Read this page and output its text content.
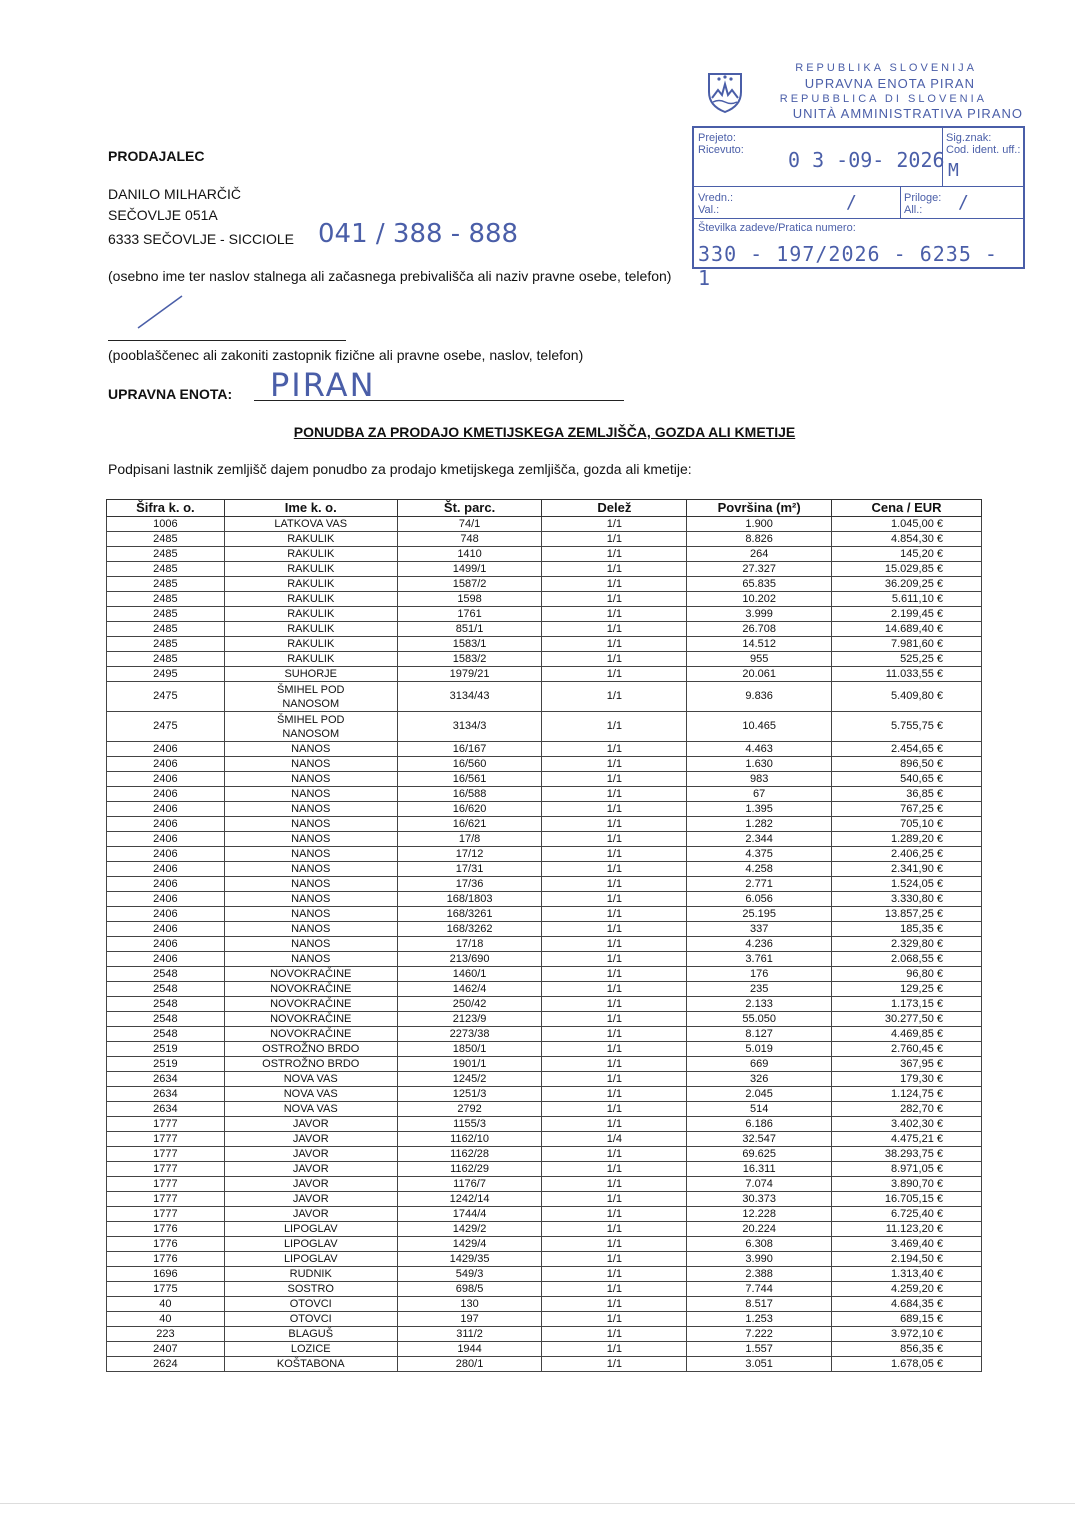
REPUBLIKA SLOVENIJA
UPRAVNA ENOTA PIRAN
REPUBBLICA DI SLOVENIA
UNITÀ AMMINISTRATIVA PIRANO
Prejeto:
Ricevuto: 0 3 -09- 2026
Sig.znak:
Cod. ident. uff.:
M
Vredn.:
Val.:	/	Priloge:
All.: /
Številka zadeve/Pratica numero:
330 - 197/2026 - 6235 - 1
PRODAJALEC
DANILO MILHARČIČ
SEČOVLJE 051A
6333 SEČOVLJE - SICCIOLE 041 / 388 - 888
(osebno ime ter naslov stalnega ali začasnega prebivališča ali naziv pravne osebe, telefon)
(pooblaščenec ali zakoniti zastopnik fizične ali pravne osebe, naslov, telefon)
UPRAVNA ENOTA: PIRAN
PONUDBA ZA PRODAJO KMETIJSKEGA ZEMLJIŠČA, GOZDA ALI KMETIJE
Podpisani lastnik zemljišč dajem ponudbo za prodajo kmetijskega zemljišča, gozda ali kmetije:
Šifra k. o.	Ime k. o.	Št. parc.	Delež	Površina (m²)	Cena / EUR
1006	LATKOVA VAS	74/1	1/1	1.900	1.045,00 €
2485	RAKULIK	748	1/1	8.826	4.854,30 €
2485	RAKULIK	1410	1/1	264	145,20 €
2485	RAKULIK	1499/1	1/1	27.327	15.029,85 €
2485	RAKULIK	1587/2	1/1	65.835	36.209,25 €
2485	RAKULIK	1598	1/1	10.202	5.611,10 €
2485	RAKULIK	1761	1/1	3.999	2.199,45 €
2485	RAKULIK	851/1	1/1	26.708	14.689,40 €
2485	RAKULIK	1583/1	1/1	14.512	7.981,60 €
2485	RAKULIK	1583/2	1/1	955	525,25 €
2495	SUHORJE	1979/21	1/1	20.061	11.033,55 €
2475	ŠMIHEL POD
NANOSOM	3134/43	1/1	9.836	5.409,80 €
2475	ŠMIHEL POD
NANOSOM	3134/3	1/1	10.465	5.755,75 €
2406	NANOS	16/167	1/1	4.463	2.454,65 €
2406	NANOS	16/560	1/1	1.630	896,50 €
2406	NANOS	16/561	1/1	983	540,65 €
2406	NANOS	16/588	1/1	67	36,85 €
2406	NANOS	16/620	1/1	1.395	767,25 €
2406	NANOS	16/621	1/1	1.282	705,10 €
2406	NANOS	17/8	1/1	2.344	1.289,20 €
2406	NANOS	17/12	1/1	4.375	2.406,25 €
2406	NANOS	17/31	1/1	4.258	2.341,90 €
2406	NANOS	17/36	1/1	2.771	1.524,05 €
2406	NANOS	168/1803	1/1	6.056	3.330,80 €
2406	NANOS	168/3261	1/1	25.195	13.857,25 €
2406	NANOS	168/3262	1/1	337	185,35 €
2406	NANOS	17/18	1/1	4.236	2.329,80 €
2406	NANOS	213/690	1/1	3.761	2.068,55 €
2548	NOVOKRAČINE	1460/1	1/1	176	96,80 €
2548	NOVOKRAČINE	1462/4	1/1	235	129,25 €
2548	NOVOKRAČINE	250/42	1/1	2.133	1.173,15 €
2548	NOVOKRAČINE	2123/9	1/1	55.050	30.277,50 €
2548	NOVOKRAČINE	2273/38	1/1	8.127	4.469,85 €
2519	OSTROŽNO BRDO	1850/1	1/1	5.019	2.760,45 €
2519	OSTROŽNO BRDO	1901/1	1/1	669	367,95 €
2634	NOVA VAS	1245/2	1/1	326	179,30 €
2634	NOVA VAS	1251/3	1/1	2.045	1.124,75 €
2634	NOVA VAS	2792	1/1	514	282,70 €
1777	JAVOR	1155/3	1/1	6.186	3.402,30 €
1777	JAVOR	1162/10	1/4	32.547	4.475,21 €
1777	JAVOR	1162/28	1/1	69.625	38.293,75 €
1777	JAVOR	1162/29	1/1	16.311	8.971,05 €
1777	JAVOR	1176/7	1/1	7.074	3.890,70 €
1777	JAVOR	1242/14	1/1	30.373	16.705,15 €
1777	JAVOR	1744/4	1/1	12.228	6.725,40 €
1776	LIPOGLAV	1429/2	1/1	20.224	11.123,20 €
1776	LIPOGLAV	1429/4	1/1	6.308	3.469,40 €
1776	LIPOGLAV	1429/35	1/1	3.990	2.194,50 €
1696	RUDNIK	549/3	1/1	2.388	1.313,40 €
1775	SOSTRO	698/5	1/1	7.744	4.259,20 €
40	OTOVCI	130	1/1	8.517	4.684,35 €
40	OTOVCI	197	1/1	1.253	689,15 €
223	BLAGUŠ	311/2	1/1	7.222	3.972,10 €
2407	LOZICE	1944	1/1	1.557	856,35 €
2624	KOŠTABONA	280/1	1/1	3.051	1.678,05 €
